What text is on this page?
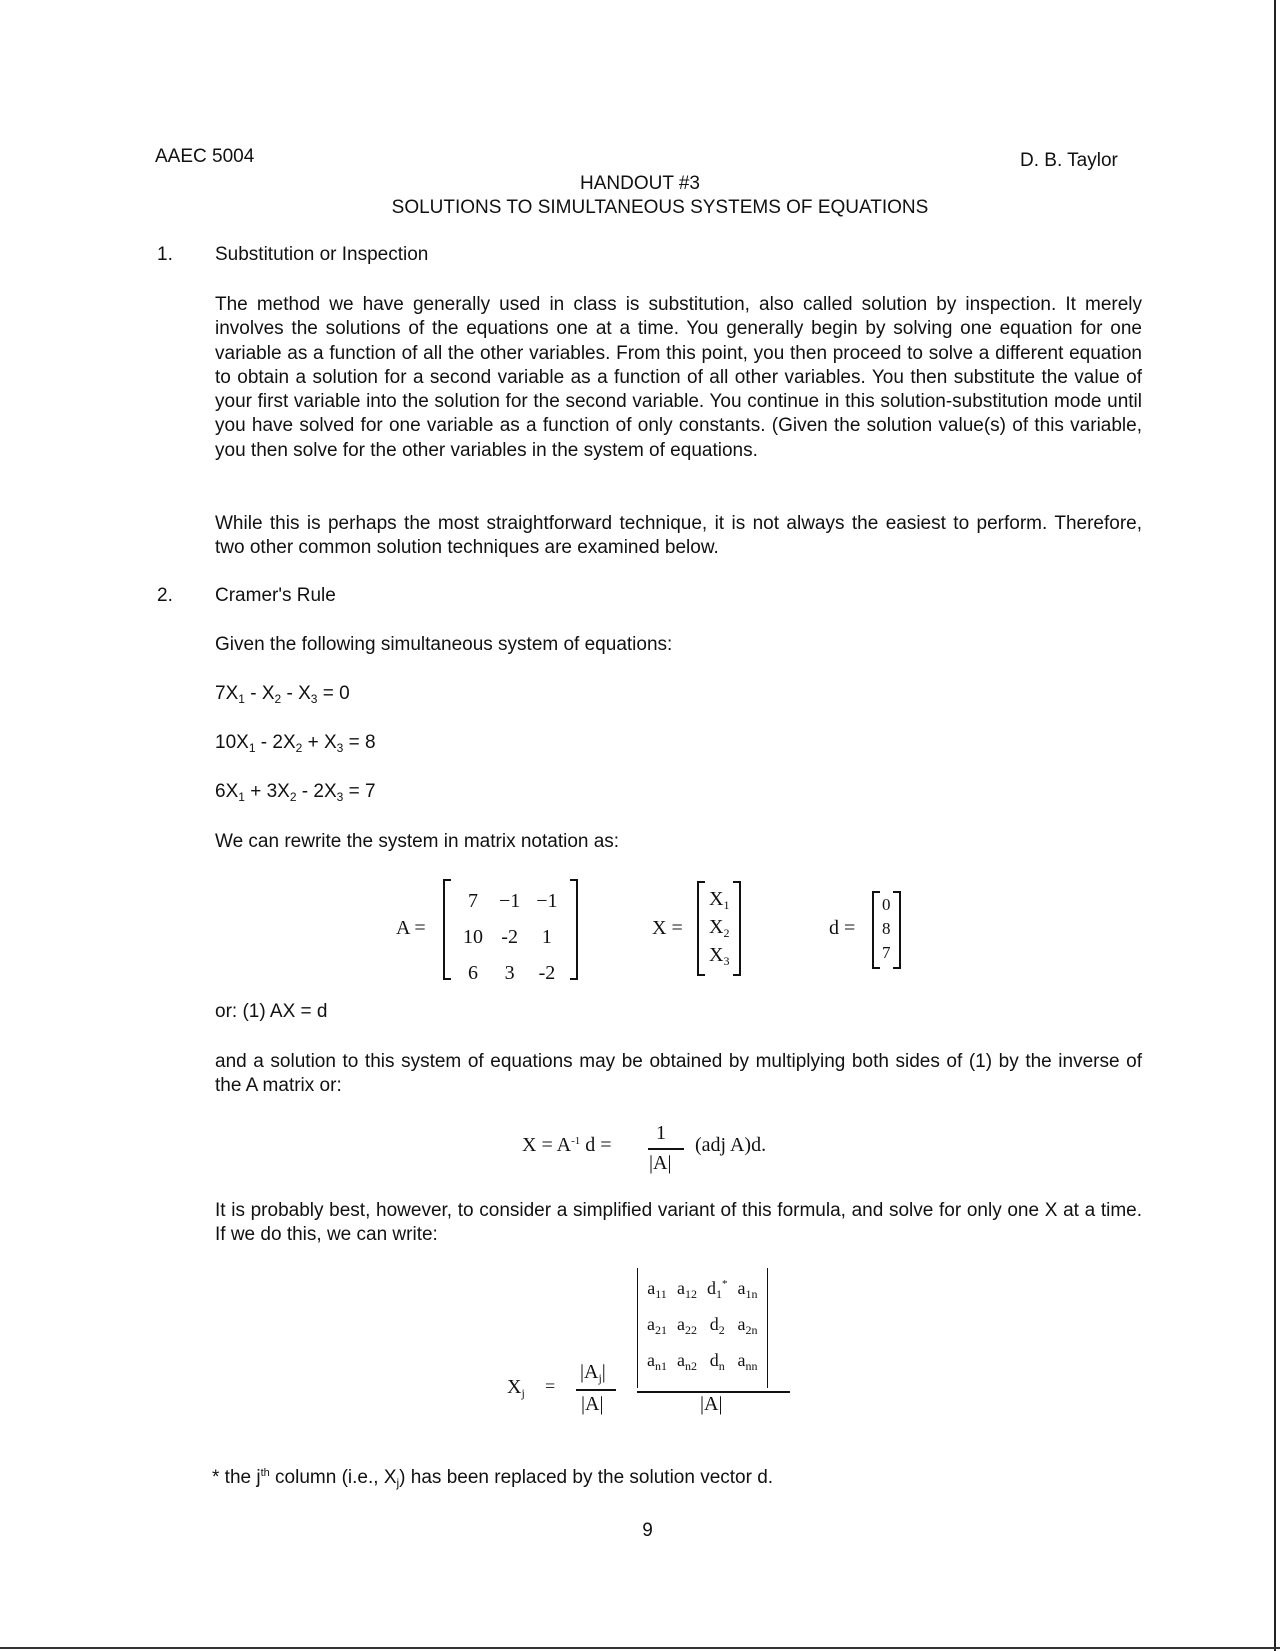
AAEC 5004	D. B. Taylor
HANDOUT #3
SOLUTIONS TO SIMULTANEOUS SYSTEMS OF EQUATIONS
1. Substitution or Inspection
The method we have generally used in class is substitution, also called solution by inspection. It merely involves the solutions of the equations one at a time. You generally begin by solving one equation for one variable as a function of all the other variables. From this point, you then proceed to solve a different equation to obtain a solution for a second variable as a function of all other variables. You then substitute the value of your first variable into the solution for the second variable. You continue in this solution-substitution mode until you have solved for one variable as a function of only constants. (Given the solution value(s) of this variable, you then solve for the other variables in the system of equations.
While this is perhaps the most straightforward technique, it is not always the easiest to perform. Therefore, two other common solution techniques are examined below.
2. Cramer's Rule
Given the following simultaneous system of equations:
$7X_1 - X_2 - X_3 = 0$
$10X_1 - 2X_2 + X_3 = 8$
$6X_1 + 3X_2 - 2X_3 = 7$
We can rewrite the system in matrix notation as:
A =
7	−1	−1
10	-2	1
6	3	-2
X =
$X_1$
$X_2$
$X_3$
d =
0
8
7
or: (1) AX = d
and a solution to this system of equations may be obtained by multiplying both sides of (1) by the inverse of the A matrix or:
$X = A^{-1}$ d =
1
|A|
(adj A)d.
It is probably best, however, to consider a simplified variant of this formula, and solve for only one X at a time. If we do this, we can write:
$X_j$ =
$|A_j|$
|A|
$a_{11}$	$a_{12}$	$d_1^*$	$a_{1n}$
$a_{21}$	$a_{22}$	$d_2$	$a_{2n}$
$a_{n1}$	$a_{n2}$	$d_n$	$a_{nn}$
|A|
* the $j^{th}$ column (i.e., $X_j$) has been replaced by the solution vector d.
9
